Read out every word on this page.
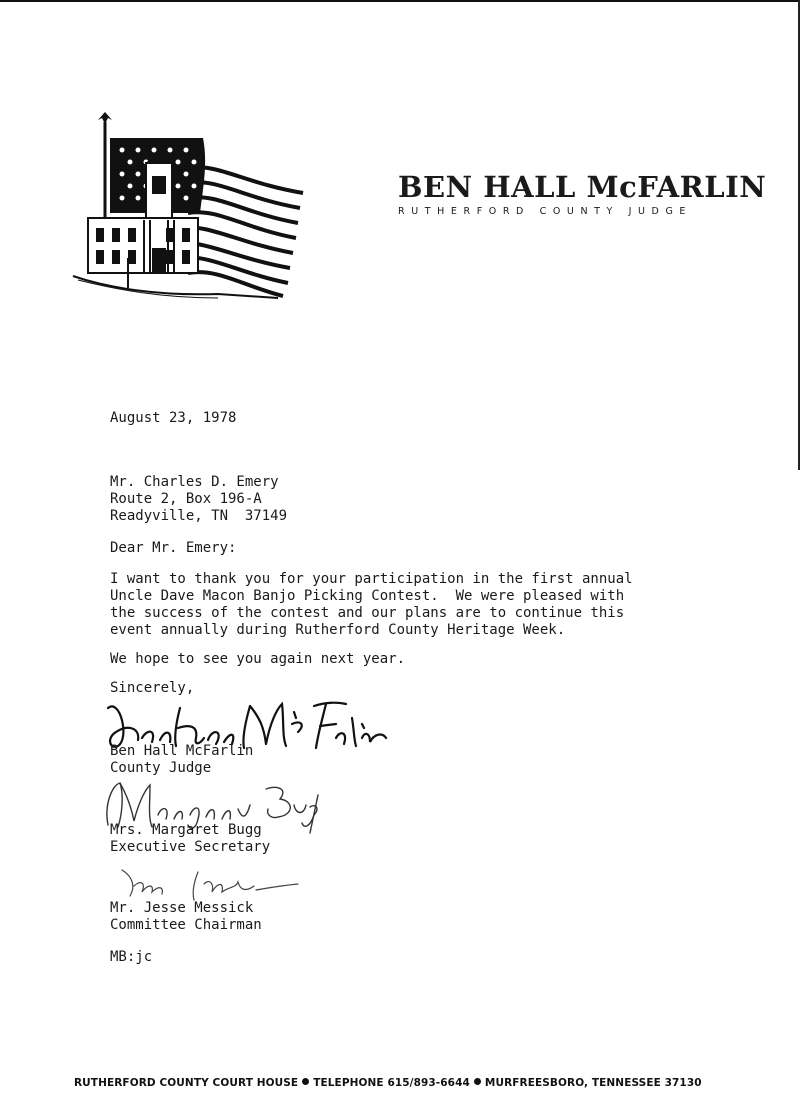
BEN HALL McFARLIN
RUTHERFORD COUNTY JUDGE
August 23, 1978
Mr. Charles D. Emery
Route 2, Box 196-A
Readyville, TN  37149
Dear Mr. Emery:
I want to thank you for your participation in the first annual
Uncle Dave Macon Banjo Picking Contest.  We were pleased with
the success of the contest and our plans are to continue this
event annually during Rutherford County Heritage Week.
We hope to see you again next year.
Sincerely,
Ben Hall McFarlin
County Judge
Mrs. Margaret Bugg
Executive Secretary
Mr. Jesse Messick
Committee Chairman
MB:jc
RUTHERFORD COUNTY COURT HOUSE TELEPHONE 615/893-6644 MURFREESBORO, TENNESSEE 37130
